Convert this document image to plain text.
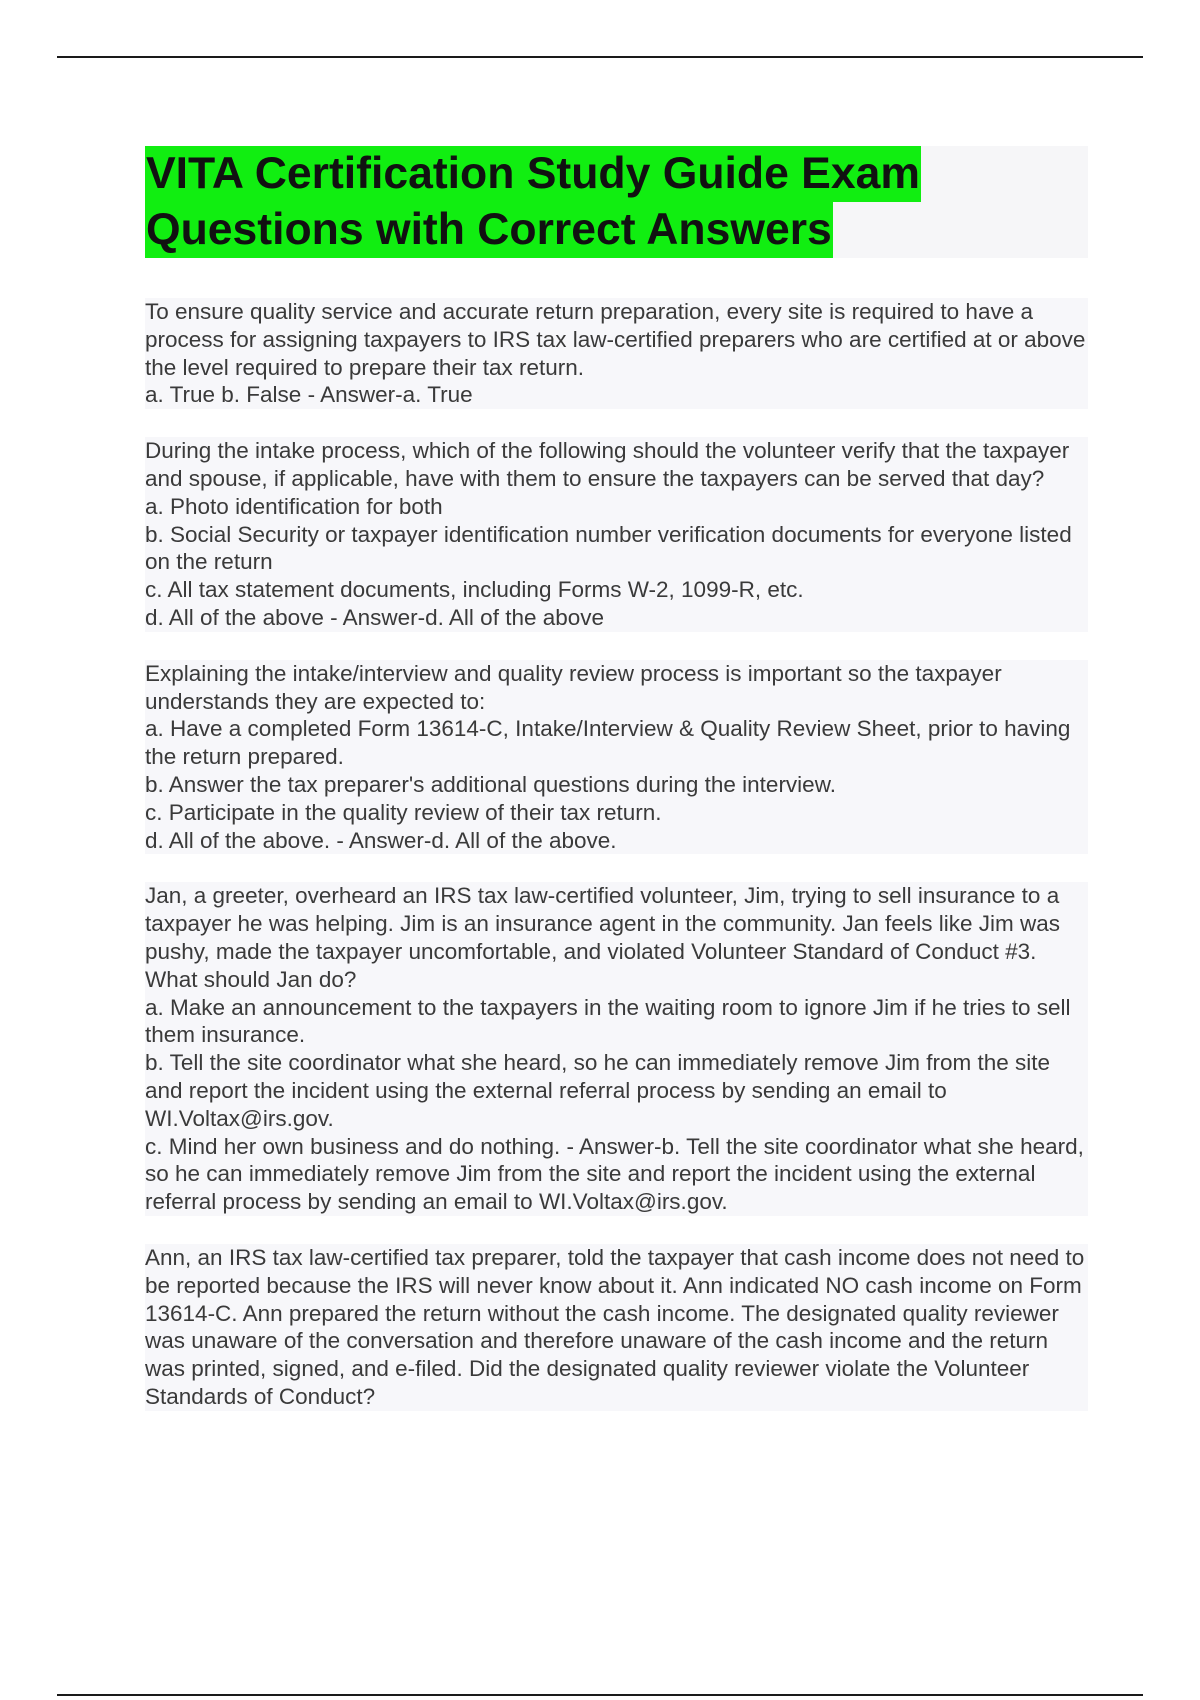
VITA Certification Study Guide Exam
Questions with Correct Answers

To ensure quality service and accurate return preparation, every site is required to have a process for assigning taxpayers to IRS tax law-certified preparers who are certified at or above the level required to prepare their tax return.

a. True b. False - Answer-a. True

During the intake process, which of the following should the volunteer verify that the taxpayer and spouse, if applicable, have with them to ensure the taxpayers can be served that day?

a. Photo identification for both

b. Social Security or taxpayer identification number verification documents for everyone listed on the return

c. All tax statement documents, including Forms W-2, 1099-R, etc.

d. All of the above - Answer-d. All of the above

Explaining the intake/interview and quality review process is important so the taxpayer understands they are expected to:

a. Have a completed Form 13614-C, Intake/Interview & Quality Review Sheet, prior to having the return prepared.

b. Answer the tax preparer's additional questions during the interview.

c. Participate in the quality review of their tax return.

d. All of the above. - Answer-d. All of the above.

Jan, a greeter, overheard an IRS tax law-certified volunteer, Jim, trying to sell insurance to a taxpayer he was helping. Jim is an insurance agent in the community. Jan feels like Jim was pushy, made the taxpayer uncomfortable, and violated Volunteer Standard of Conduct #3. What should Jan do?

a. Make an announcement to the taxpayers in the waiting room to ignore Jim if he tries to sell them insurance.

b. Tell the site coordinator what she heard, so he can immediately remove Jim from the site and report the incident using the external referral process by sending an email to WI.Voltax@irs.gov.

c. Mind her own business and do nothing. - Answer-b. Tell the site coordinator what she heard, so he can immediately remove Jim from the site and report the incident using the external referral process by sending an email to WI.Voltax@irs.gov.

Ann, an IRS tax law-certified tax preparer, told the taxpayer that cash income does not need to be reported because the IRS will never know about it. Ann indicated NO cash income on Form 13614-C. Ann prepared the return without the cash income. The designated quality reviewer was unaware of the conversation and therefore unaware of the cash income and the return was printed, signed, and e-filed. Did the designated quality reviewer violate the Volunteer Standards of Conduct?
